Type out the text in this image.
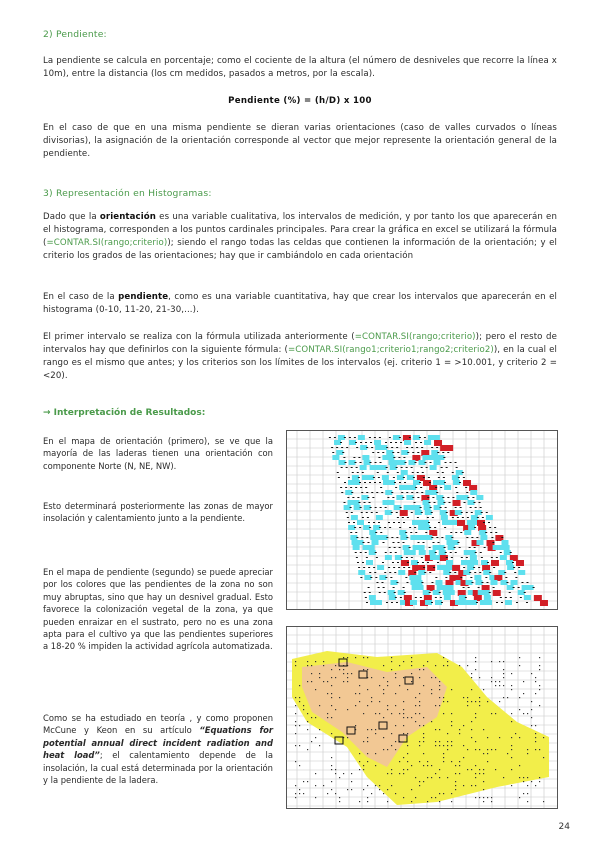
2) Pendiente:
La pendiente se calcula en porcentaje; como el cociente de la altura (el número de desniveles que recorre la línea x 10m), entre la distancia (los cm medidos, pasados a metros, por la escala).
Pendiente (%) = (h/D) x 100
En el caso de que en una misma pendiente se dieran varias orientaciones (caso de valles curvados o líneas divisorias), la asignación de la orientación corresponde al vector que mejor represente la orientación general de la pendiente.
3) Representación en Histogramas:
Dado que la orientación es una variable cualitativa, los intervalos de medición, y por tanto los que aparecerán en el histograma, corresponden a los puntos cardinales principales. Para crear la gráfica en excel se utilizará la fórmula (=CONTAR.SI(rango;criterio)); siendo el rango todas las celdas que contienen la información de la orientación; y el criterio los grados de las orientaciones; hay que ir cambiándolo en cada orientación
En el caso de la pendiente, como es una variable cuantitativa, hay que crear los intervalos que aparecerán en el histograma (0-10, 11-20, 21-30,...).
El primer intervalo se realiza con la fórmula utilizada anteriormente (=CONTAR.SI(rango;criterio)); pero el resto de intervalos hay que definirlos con la siguiente fórmula: (=CONTAR.SI(rango1;criterio1;rango2;criterio2)), en la cual el rango es el mismo que antes; y los criterios son los límites de los intervalos (ej. criterio 1 = >10.001, y criterio 2 = <20).
→ Interpretación de Resultados:
En el mapa de orientación (primero), se ve que la mayoría de las laderas tienen una orientación con componente Norte (N, NE, NW).
Esto determinará posteriormente las zonas de mayor insolación y calentamiento junto a la pendiente.
En el mapa de pendiente (segundo) se puede apreciar por los colores que las pendientes de la zona no son muy abruptas, sino que hay un desnivel gradual. Esto favorece la colonización vegetal de la zona, ya que pueden enraizar en el sustrato, pero no es una zona apta para el cultivo ya que las pendientes superiores a 18-20 % impiden la actividad agrícola automatizada.
Como se ha estudiado en teoría , y como proponen McCune y Keon en su artículo “Equations for potential annual direct incident radiation and heat load”; el calentamiento depende de la insolación, la cual está determinada por la orientación y la pendiente de la ladera.
24
